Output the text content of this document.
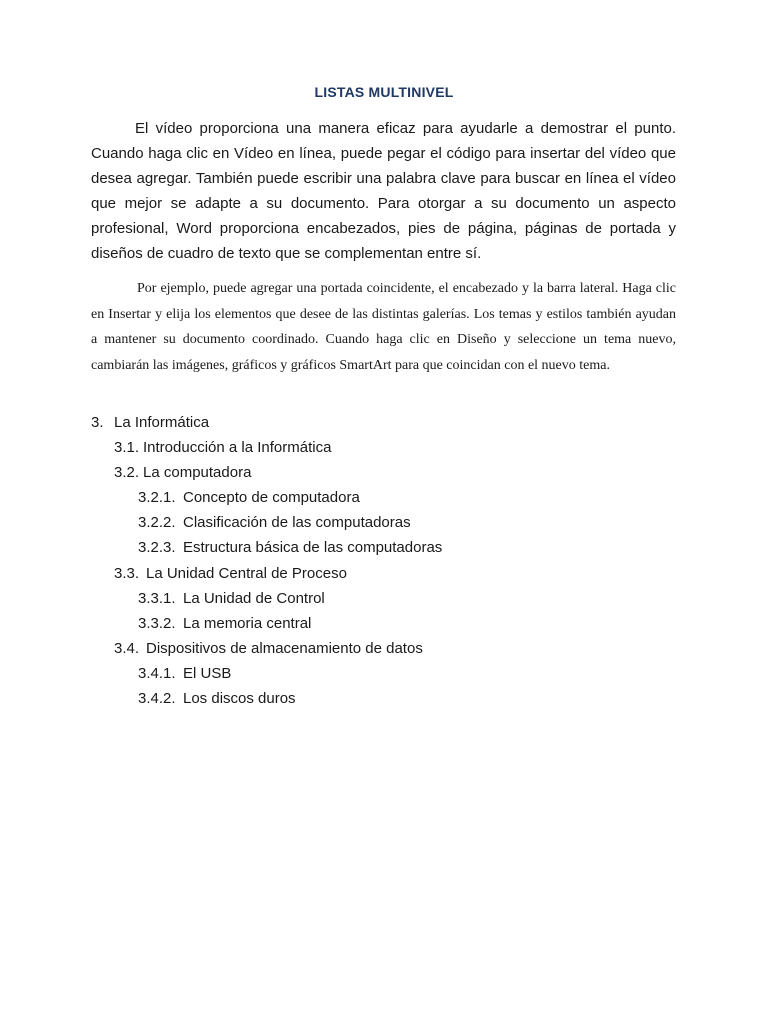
LISTAS MULTINIVEL

El vídeo proporciona una manera eficaz para ayudarle a demostrar el punto. Cuando haga clic en Vídeo en línea, puede pegar el código para insertar del vídeo que desea agregar. También puede escribir una palabra clave para buscar en línea el vídeo que mejor se adapte a su documento. Para otorgar a su documento un aspecto profesional, Word proporciona encabezados, pies de página, páginas de portada y diseños de cuadro de texto que se complementan entre sí.

Por ejemplo, puede agregar una portada coincidente, el encabezado y la barra lateral. Haga clic en Insertar y elija los elementos que desee de las distintas galerías. Los temas y estilos también ayudan a mantener su documento coordinado. Cuando haga clic en Diseño y seleccione un tema nuevo, cambiarán las imágenes, gráficos y gráficos SmartArt para que coincidan con el nuevo tema.

3. La Informática
3.1. Introducción a la Informática
3.2. La computadora
3.2.1. Concepto de computadora
3.2.2. Clasificación de las computadoras
3.2.3. Estructura básica de las computadoras
3.3. La Unidad Central de Proceso
3.3.1. La Unidad de Control
3.3.2. La memoria central
3.4. Dispositivos de almacenamiento de datos
3.4.1. El USB
3.4.2. Los discos duros
